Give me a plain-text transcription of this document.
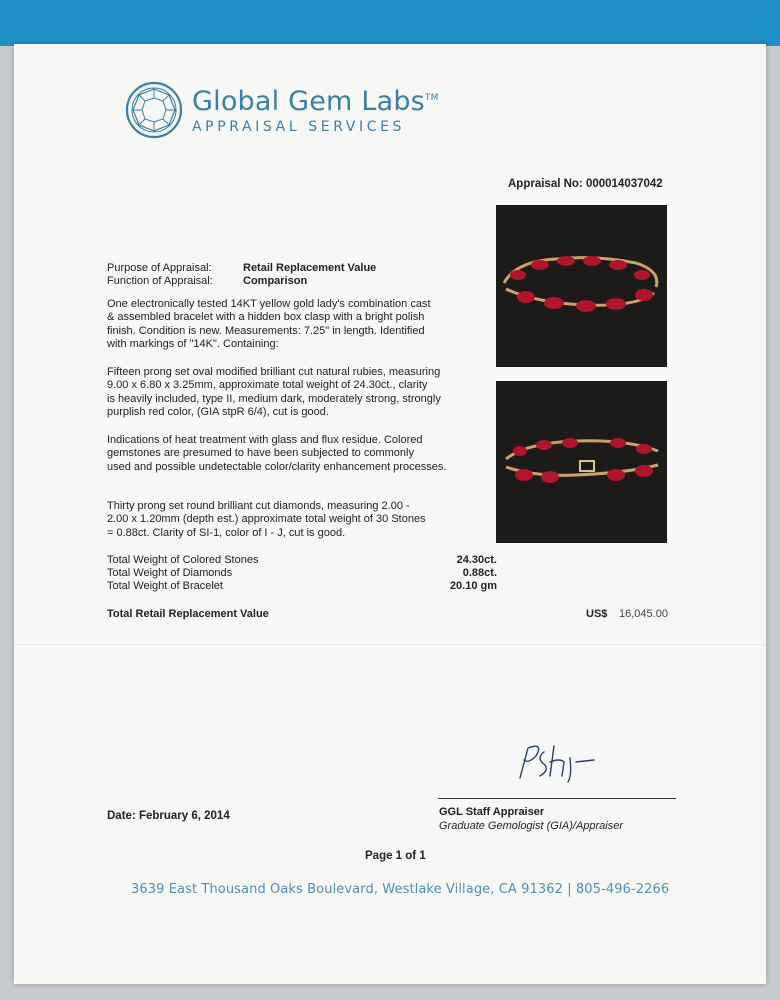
Global Gem Labs™
APPRAISAL SERVICES
Appraisal No: 000014037042
Purpose of Appraisal:	Retail Replacement Value
Function of Appraisal:	Comparison
One electronically tested 14KT yellow gold lady's combination cast
& assembled bracelet with a hidden box clasp with a bright polish
finish. Condition is new. Measurements: 7.25" in length. Identified
with markings of "14K". Containing:
Fifteen prong set oval modified brilliant cut natural rubies, measuring
9.00 x 6.80 x 3.25mm, approximate total weight of 24.30ct., clarity
is heavily included, type II, medium dark, moderately strong, strongly
purplish red color, (GIA stpR 6/4), cut is good.
Indications of heat treatment with glass and flux residue. Colored
gemstones are presumed to have been subjected to commonly
used and possible undetectable color/clarity enhancement processes.
Thirty prong set round brilliant cut diamonds, measuring 2.00 -
2.00 x 1.20mm (depth est.) approximate total weight of 30 Stones
= 0.88ct. Clarity of SI-1, color of I - J, cut is good.
Total Weight of Colored Stones	24.30ct.
Total Weight of Diamonds	0.88ct.
Total Weight of Bracelet	20.10 gm
Total Retail Replacement Value	US$ 16,045.00
Date: February 6, 2014	GGL Staff Appraiser
Graduate Gemologist (GIA)/Appraiser
Page 1 of 1
3639 East Thousand Oaks Boulevard, Westlake Village, CA 91362 | 805-496-2266
